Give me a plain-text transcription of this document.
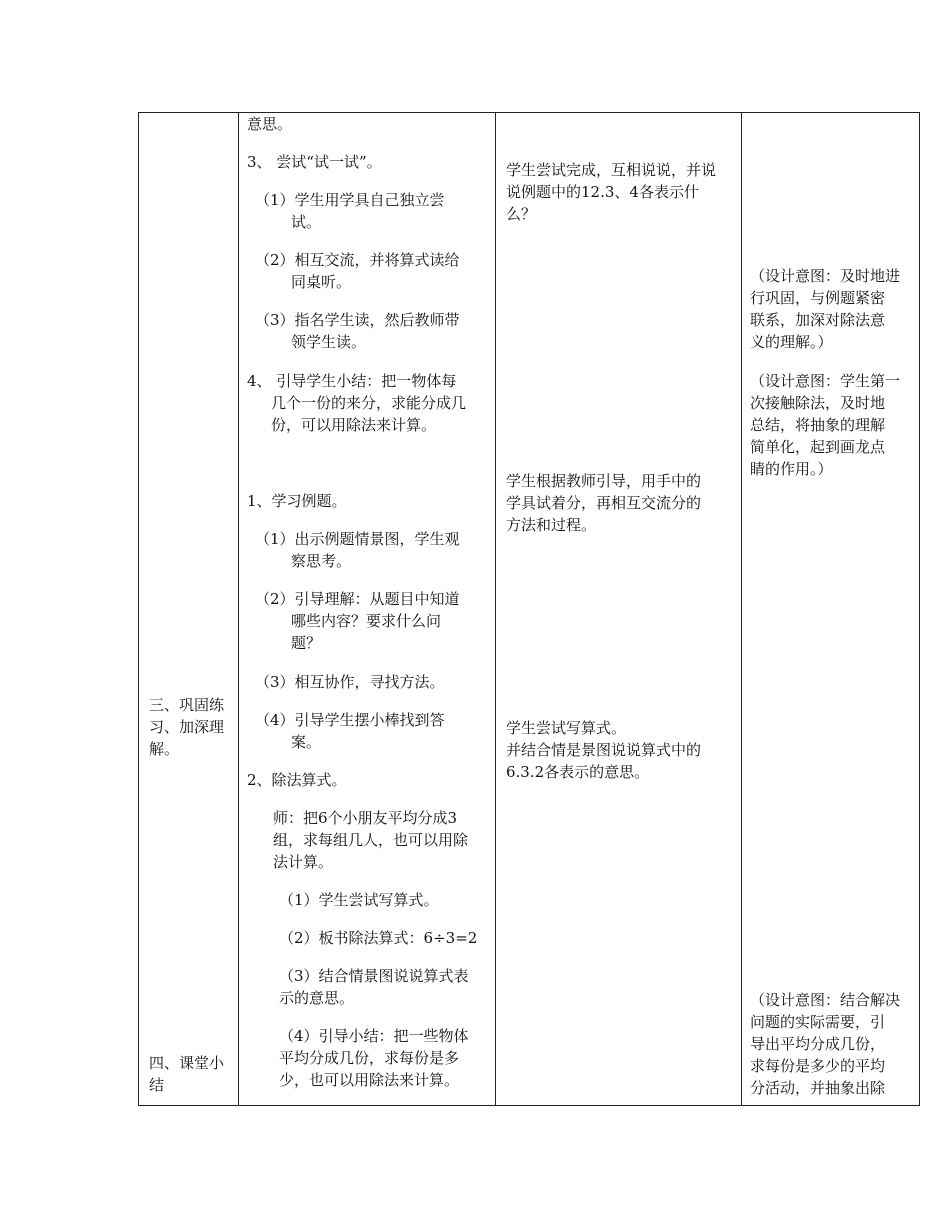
三、巩固练
习、加深理
解。
四、课堂小
结
意思。
3、 尝试“试一试”。
（1）学生用学具自己独立尝
试。
（2）相互交流，并将算式读给
同桌听。
（3）指名学生读，然后教师带
领学生读。
4、 引导学生小结：把一物体每
几个一份的来分，求能分成几
份，可以用除法来计算。
1、学习例题。
（1）出示例题情景图，学生观
察思考。
（2）引导理解：从题目中知道
哪些内容？要求什么问
题？
（3）相互协作，寻找方法。
（4）引导学生摆小棒找到答
案。
2、除法算式。
师：把6个小朋友平均分成3
组，求每组几人，也可以用除
法计算。
（1）学生尝试写算式。
（2）板书除法算式：6÷3=2
（3）结合情景图说说算式表
示的意思。
（4）引导小结：把一些物体
平均分成几份，求每份是多
少，也可以用除法来计算。
学生尝试完成，互相说说，并说
说例题中的12.3、4各表示什
么？
学生根据教师引导，用手中的
学具试着分，再相互交流分的
方法和过程。
学生尝试写算式。
并结合情是景图说说算式中的
6.3.2各表示的意思。
（设计意图：及时地进
行巩固，与例题紧密
联系，加深对除法意
义的理解。）
（设计意图：学生第一
次接触除法，及时地
总结，将抽象的理解
简单化，起到画龙点
睛的作用。）
（设计意图：结合解决
问题的实际需要，引
导出平均分成几份，
求每份是多少的平均
分活动，并抽象出除
